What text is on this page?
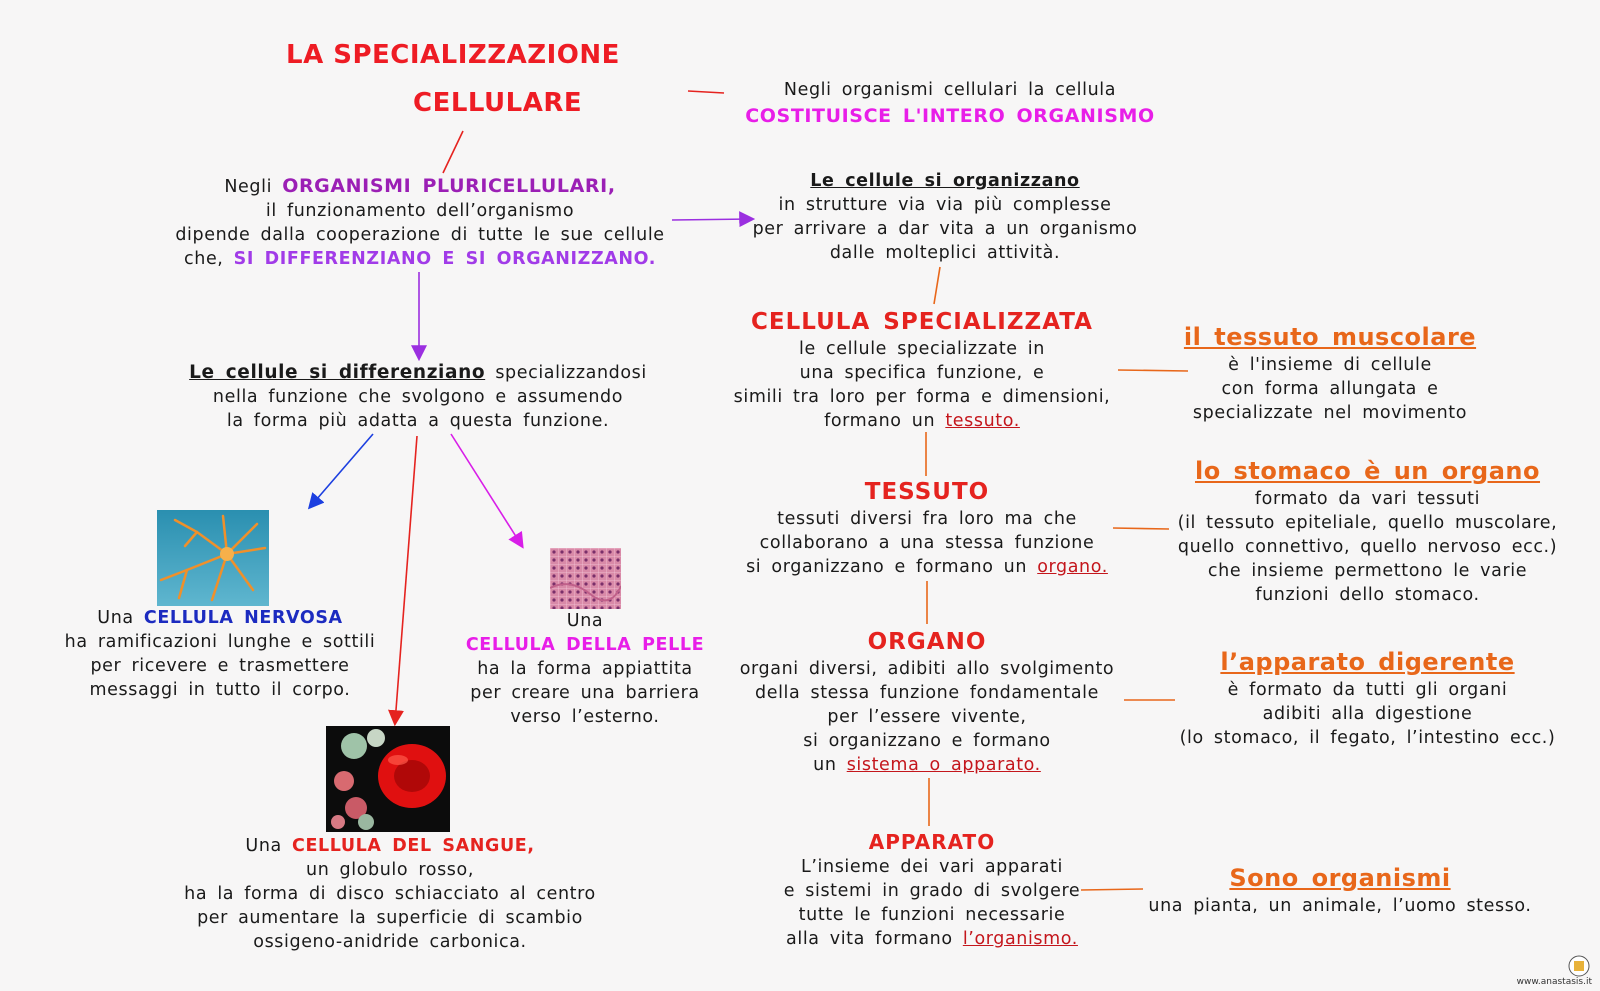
LA SPECIALIZZAZIONE
CELLULARE	Negli organismi cellulari la cellula
COSTITUISCE L'INTERO ORGANISMO
Negli ORGANISMI PLURICELLULARI,
il funzionamento dell’organismo
dipende dalla cooperazione di tutte le sue cellule
che, SI DIFFERENZIANO E SI ORGANIZZANO.
Le cellule si organizzano
in strutture via via più complesse
per arrivare a dar vita a un organismo
dalle molteplici attività.
Le cellule si differenziano specializzandosi
nella funzione che svolgono e assumendo
la forma più adatta a questa funzione.
Una CELLULA NERVOSA
ha ramificazioni lunghe e sottili
per ricevere e trasmettere
messaggi in tutto il corpo.
Una
CELLULA DELLA PELLE
ha la forma appiattita
per creare una barriera
verso l’esterno.
Una CELLULA DEL SANGUE,
un globulo rosso,
ha la forma di disco schiacciato al centro
per aumentare la superficie di scambio
ossigeno-anidride carbonica.
CELLULA SPECIALIZZATA
le cellule specializzate in
una specifica funzione, e
simili tra loro per forma e dimensioni,
formano un tessuto.
TESSUTO
tessuti diversi fra loro ma che
collaborano a una stessa funzione
si organizzano e formano un organo.
ORGANO
organi diversi, adibiti allo svolgimento
della stessa funzione fondamentale
per l’essere vivente,
si organizzano e formano
un sistema o apparato.
APPARATO
L’insieme dei vari apparati
e sistemi in grado di svolgere
tutte le funzioni necessarie
alla vita formano l’organismo.
il tessuto muscolare
è l'insieme di cellule
con forma allungata e
specializzate nel movimento
lo stomaco è un organo
formato da vari tessuti
(il tessuto epiteliale, quello muscolare,
quello connettivo, quello nervoso ecc.)
che insieme permettono le varie
funzioni dello stomaco.
l’apparato digerente
è formato da tutti gli organi
adibiti alla digestione
(lo stomaco, il fegato, l’intestino ecc.)
Sono organismi
una pianta, un animale, l’uomo stesso.
www.anastasis.it
